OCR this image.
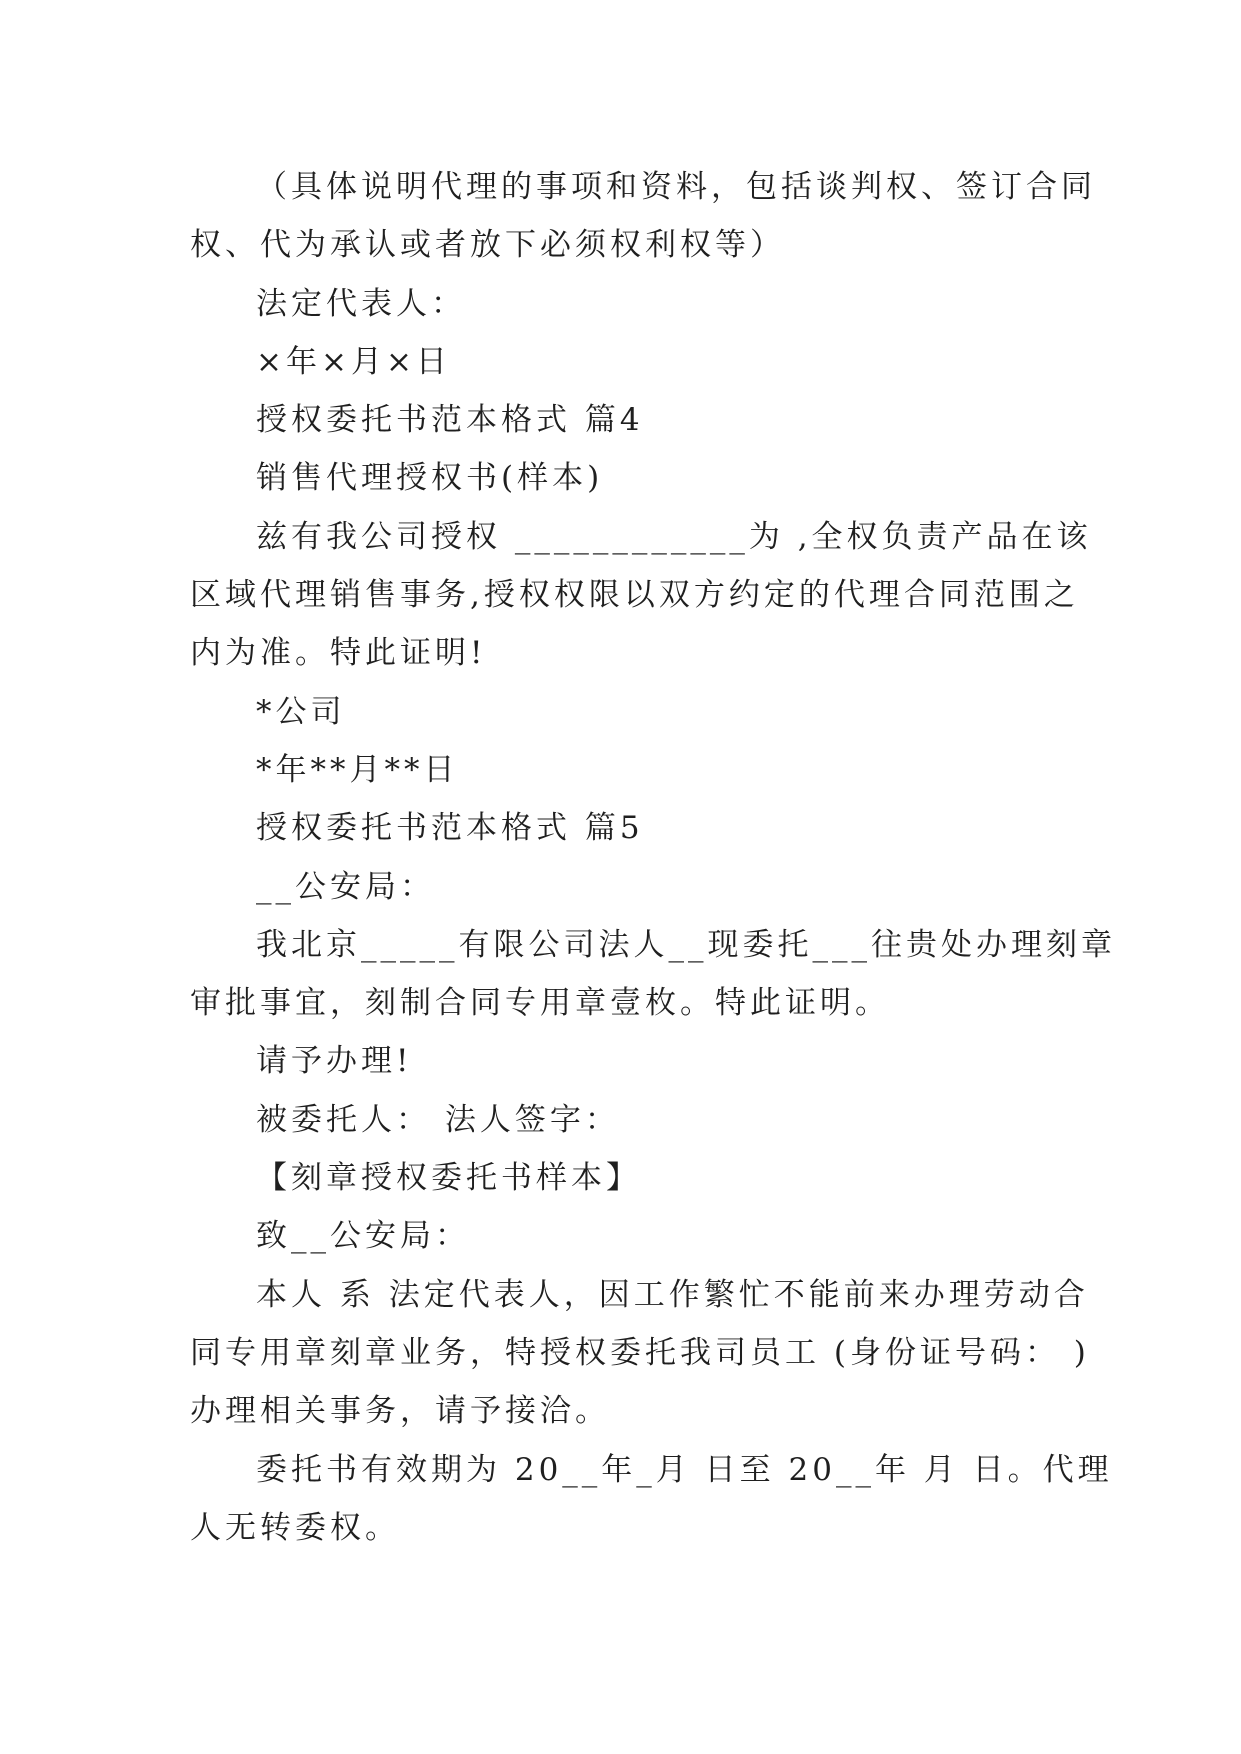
（具体说明代理的事项和资料，包括谈判权、签订合同
权、代为承认或者放下必须权利权等）
法定代表人：
×年×月×日
授权委托书范本格式 篇4
销售代理授权书(样本)
兹有我公司授权 ____________为 ,全权负责产品在该
区域代理销售事务,授权权限以双方约定的代理合同范围之
内为准。特此证明!
*公司
*年**月**日
授权委托书范本格式 篇5
__公安局：
我北京_____有限公司法人__现委托___往贵处办理刻章
审批事宜，刻制合同专用章壹枚。特此证明。
请予办理!
被委托人： 法人签字：
【刻章授权委托书样本】
致__公安局：
本人 系 法定代表人，因工作繁忙不能前来办理劳动合
同专用章刻章业务，特授权委托我司员工 (身份证号码： )
办理相关事务，请予接洽。
委托书有效期为 20__年_月 日至 20__年 月 日。代理
人无转委权。
